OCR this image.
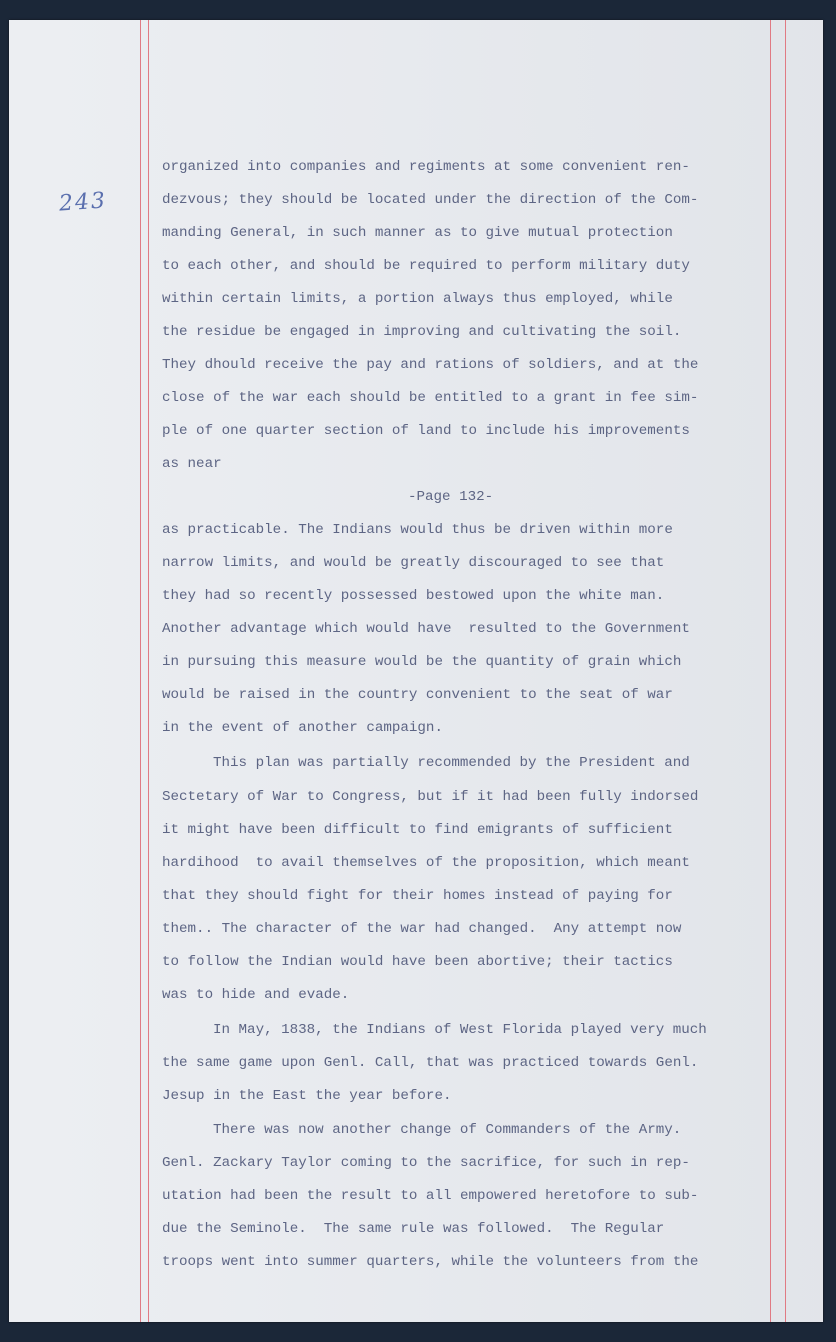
243
organized into companies and regiments at some convenient ren-
dezvous; they should be located under the direction of the Com-
manding General, in such manner as to give mutual protection
to each other, and should be required to perform military duty
within certain limits, a portion always thus employed, while
the residue be engaged in improving and cultivating the soil.
They dhould receive the pay and rations of soldiers, and at the
close of the war each should be entitled to a grant in fee sim-
ple of one quarter section of land to include his improvements
as near
-Page 132-
as practicable. The Indians would thus be driven within more
narrow limits, and would be greatly discouraged to see that
they had so recently possessed bestowed upon the white man.
Another advantage which would have  resulted to the Government
in pursuing this measure would be the quantity of grain which
would be raised in the country convenient to the seat of war
in the event of another campaign.
This plan was partially recommended by the President and
Sectetary of War to Congress, but if it had been fully indorsed
it might have been difficult to find emigrants of sufficient
hardihood  to avail themselves of the proposition, which meant
that they should fight for their homes instead of paying for
them.. The character of the war had changed.  Any attempt now
to follow the Indian would have been abortive; their tactics
was to hide and evade.
In May, 1838, the Indians of West Florida played very much
the same game upon Genl. Call, that was practiced towards Genl.
Jesup in the East the year before.
There was now another change of Commanders of the Army.
Genl. Zackary Taylor coming to the sacrifice, for such in rep-
utation had been the result to all empowered heretofore to sub-
due the Seminole.  The same rule was followed.  The Regular
troops went into summer quarters, while the volunteers from the
